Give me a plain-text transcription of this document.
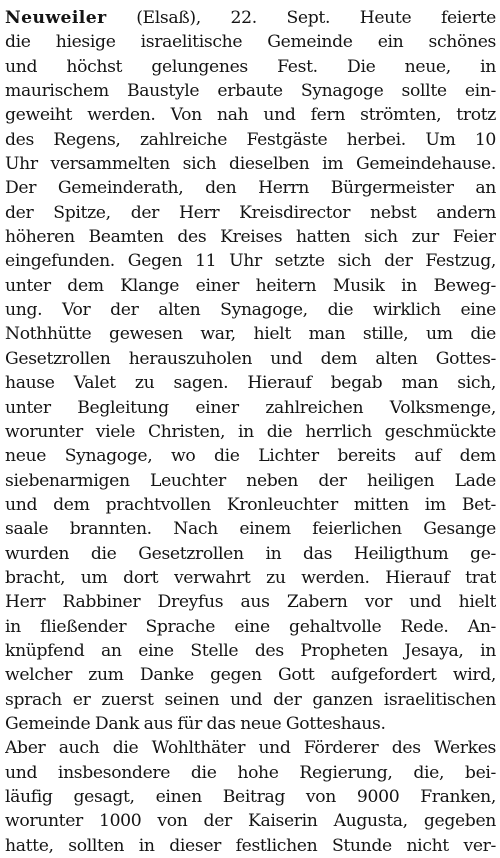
Neuweiler (Elsaß), 22. Sept. Heute feierte
die hiesige israelitische Gemeinde ein schönes
und höchst gelungenes Fest. Die neue, in
maurischem Baustyle erbaute Synagoge sollte ein-
geweiht werden. Von nah und fern strömten, trotz
des Regens, zahlreiche Festgäste herbei. Um 10
Uhr versammelten sich dieselben im Gemeindehause.
Der Gemeinderath, den Herrn Bürgermeister an
der Spitze, der Herr Kreisdirector nebst andern
höheren Beamten des Kreises hatten sich zur Feier
eingefunden. Gegen 11 Uhr setzte sich der Festzug,
unter dem Klange einer heitern Musik in Beweg-
ung. Vor der alten Synagoge, die wirklich eine
Nothhütte gewesen war, hielt man stille, um die
Gesetzrollen herauszuholen und dem alten Gottes-
hause Valet zu sagen. Hierauf begab man sich,
unter Begleitung einer zahlreichen Volksmenge,
worunter viele Christen, in die herrlich geschmückte
neue Synagoge, wo die Lichter bereits auf dem
siebenarmigen Leuchter neben der heiligen Lade
und dem prachtvollen Kronleuchter mitten im Bet-
saale brannten. Nach einem feierlichen Gesange
wurden die Gesetzrollen in das Heiligthum ge-
bracht, um dort verwahrt zu werden. Hierauf trat
Herr Rabbiner Dreyfus aus Zabern vor und hielt
in fließender Sprache eine gehaltvolle Rede. An-
knüpfend an eine Stelle des Propheten Jesaya, in
welcher zum Danke gegen Gott aufgefordert wird,
sprach er zuerst seinen und der ganzen israelitischen
Gemeinde Dank aus für das neue Gotteshaus.
Aber auch die Wohlthäter und Förderer des Werkes
und insbesondere die hohe Regierung, die, bei-
läufig gesagt, einen Beitrag von 9000 Franken,
worunter 1000 von der Kaiserin Augusta, gegeben
hatte, sollten in dieser festlichen Stunde nicht ver-
